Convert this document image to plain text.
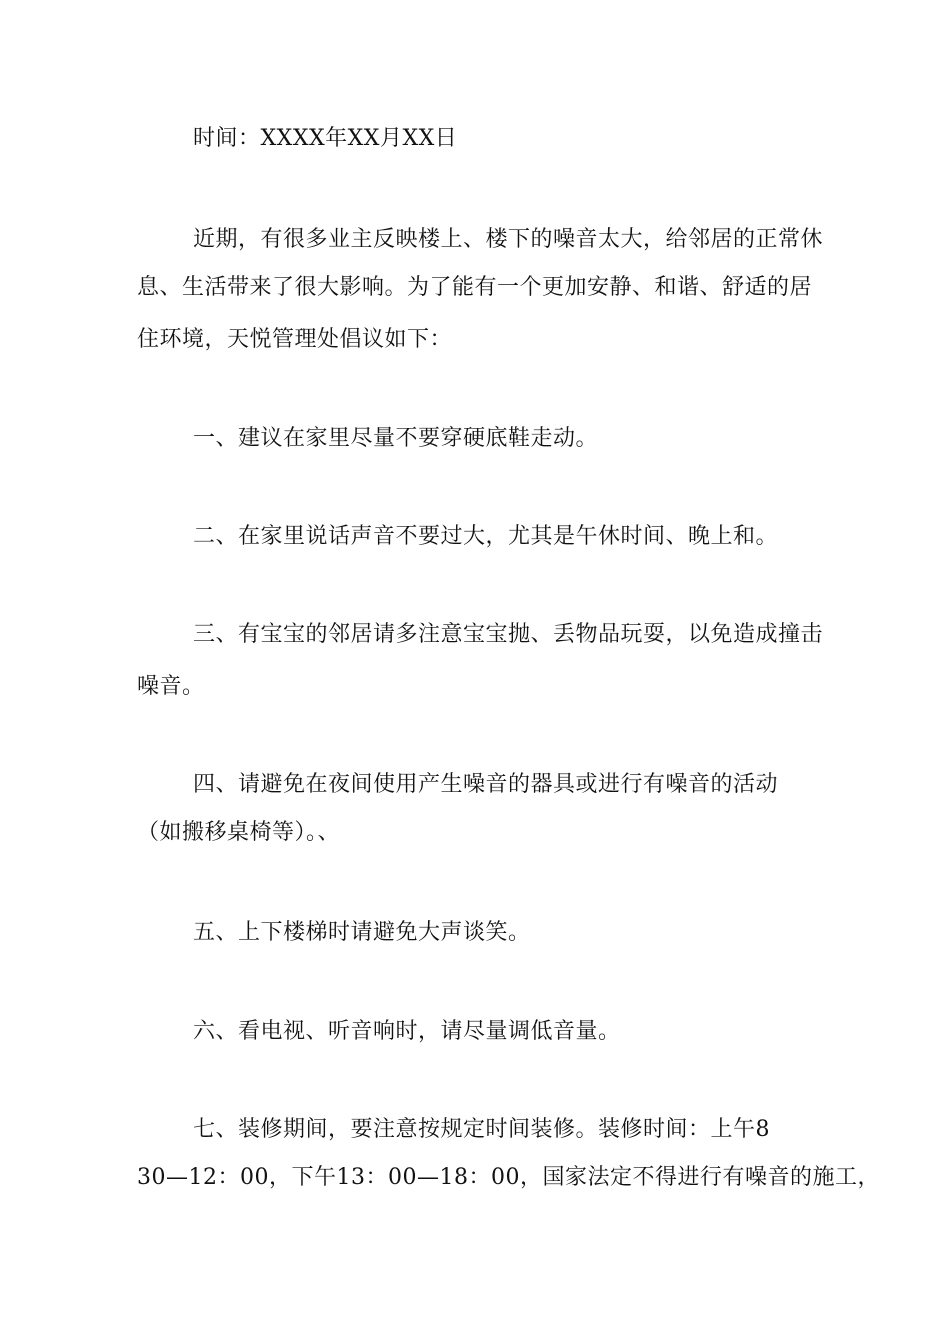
时间：XXXX年XX月XX日
近期，有很多业主反映楼上、楼下的噪音太大，给邻居的正常休
息、生活带来了很大影响。为了能有一个更加安静、和谐、舒适的居
住环境，天悦管理处倡议如下：
一、建议在家里尽量不要穿硬底鞋走动。
二、在家里说话声音不要过大，尤其是午休时间、晚上和。
三、有宝宝的邻居请多注意宝宝抛、丢物品玩耍，以免造成撞击
噪音。
四、请避免在夜间使用产生噪音的器具或进行有噪音的活动
（如搬移桌椅等）。、
五、上下楼梯时请避免大声谈笑。
六、看电视、听音响时，请尽量调低音量。
七、装修期间，要注意按规定时间装修。装修时间：上午8
30—12：00，下午13：00—18：00，国家法定不得进行有噪音的施工，
